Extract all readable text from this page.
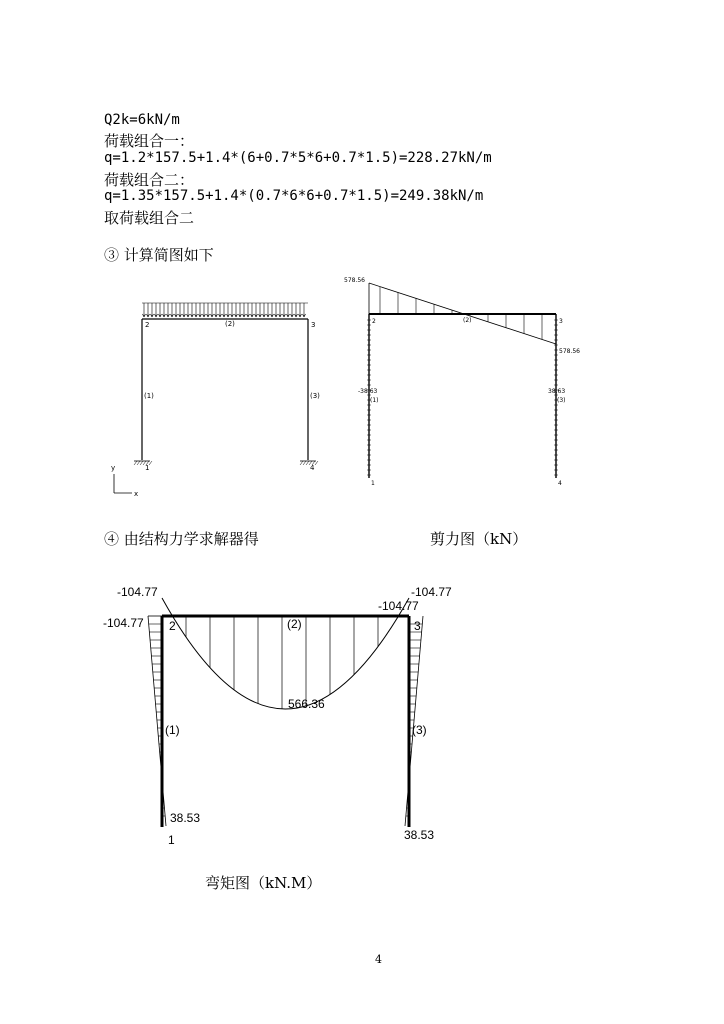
Q2k=6kN/m
荷载组合一：
q=1.2*157.5+1.4*(6+0.7*5*6+0.7*1.5)=228.27kN/m
荷载组合二：
q=1.35*157.5+1.4*(0.7*6*6+0.7*1.5)=249.38kN/m
取荷载组合二
③ 计算简图如下
y
x
2	3
1	4
(2)
(1)	(3)
578.56
578.56
-38.63	38.63
2	3
1	4
(2)
(1)	(3)
④ 由结构力学求解器得	剪力图（kN）
-104.77
-104.77
-104.77
-104.77
566.36
38.53
38.53
2	3
1
(2)
(1)	(3)
弯矩图（kN.M）
4
